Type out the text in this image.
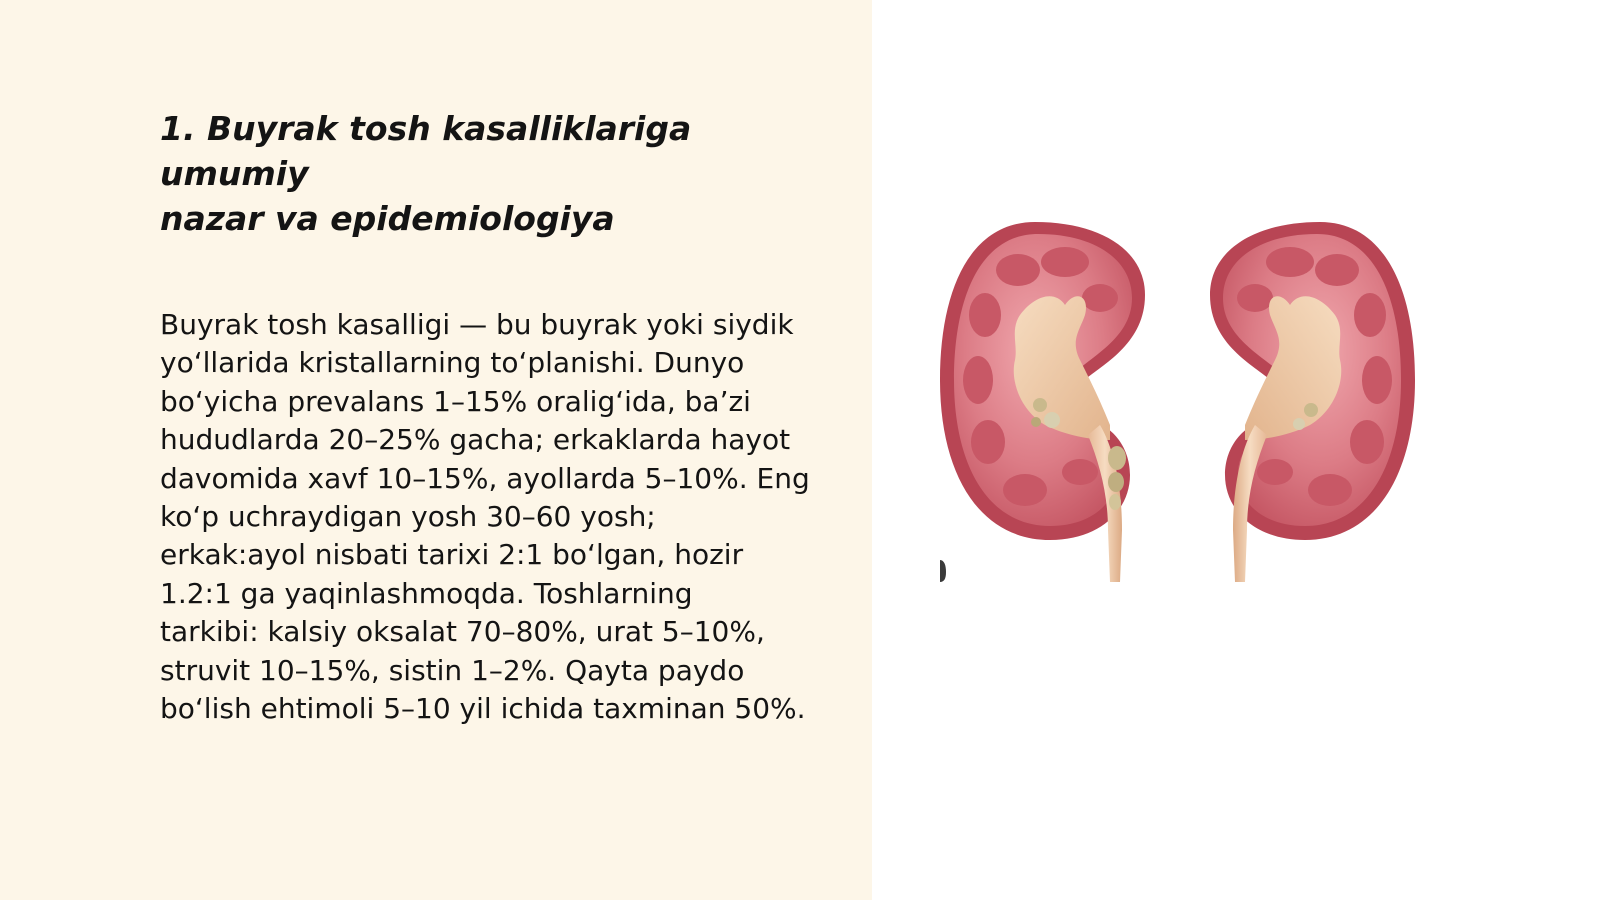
1. Buyrak tosh kasalliklariga umumiy
nazar va epidemiologiya

Buyrak tosh kasalligi — bu buyrak yoki siydik
yo‘llarida kristallarning to‘planishi. Dunyo
bo‘yicha prevalans 1–15% oralig‘ida, ba’zi
hududlarda 20–25% gacha; erkaklarda hayot
davomida xavf 10–15%, ayollarda 5–10%. Eng
ko‘p uchraydigan yosh 30–60 yosh;
erkak:ayol nisbati tarixi 2:1 bo‘lgan, hozir
1.2:1 ga yaqinlashmoqda. Toshlarning
tarkibi: kalsiy oksalat 70–80%, urat 5–10%,
struvit 10–15%, sistin 1–2%. Qayta paydo
bo‘lish ehtimoli 5–10 yil ichida taxminan 50%.
